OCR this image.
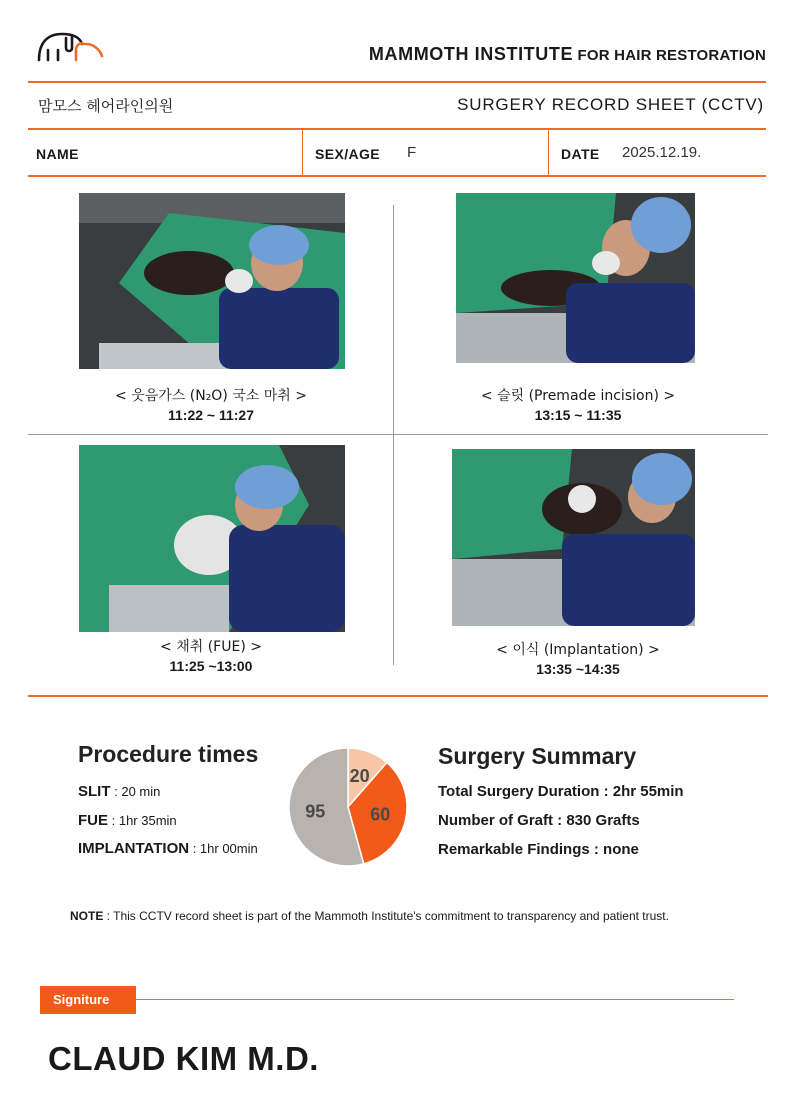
MAMMOTH INSTITUTE FOR HAIR RESTORATION
맘모스 헤어라인의원	SURGERY RECORD SHEET (CCTV)
NAME	SEX/AGE F	DATE 2025.12.19.
< 웃음가스 (N₂O) 국소 마취 >
11:22 ~ 11:27
< 슬릿 (Premade incision) >
13:15 ~ 11:35
< 채취 (FUE) >
11:25 ~13:00
< 이식 (Implantation) >
13:35 ~14:35
Procedure times
SLIT : 20 min
FUE : 1hr 35min
IMPLANTATION : 1hr 00min
20
60
95
Surgery Summary
Total Surgery Duration : 2hr 55min
Number of Graft : 830 Grafts
Remarkable Findings : none
NOTE : This CCTV record sheet is part of the Mammoth Institute's commitment to transparency and patient trust.
Signiture
CLAUD KIM M.D.
